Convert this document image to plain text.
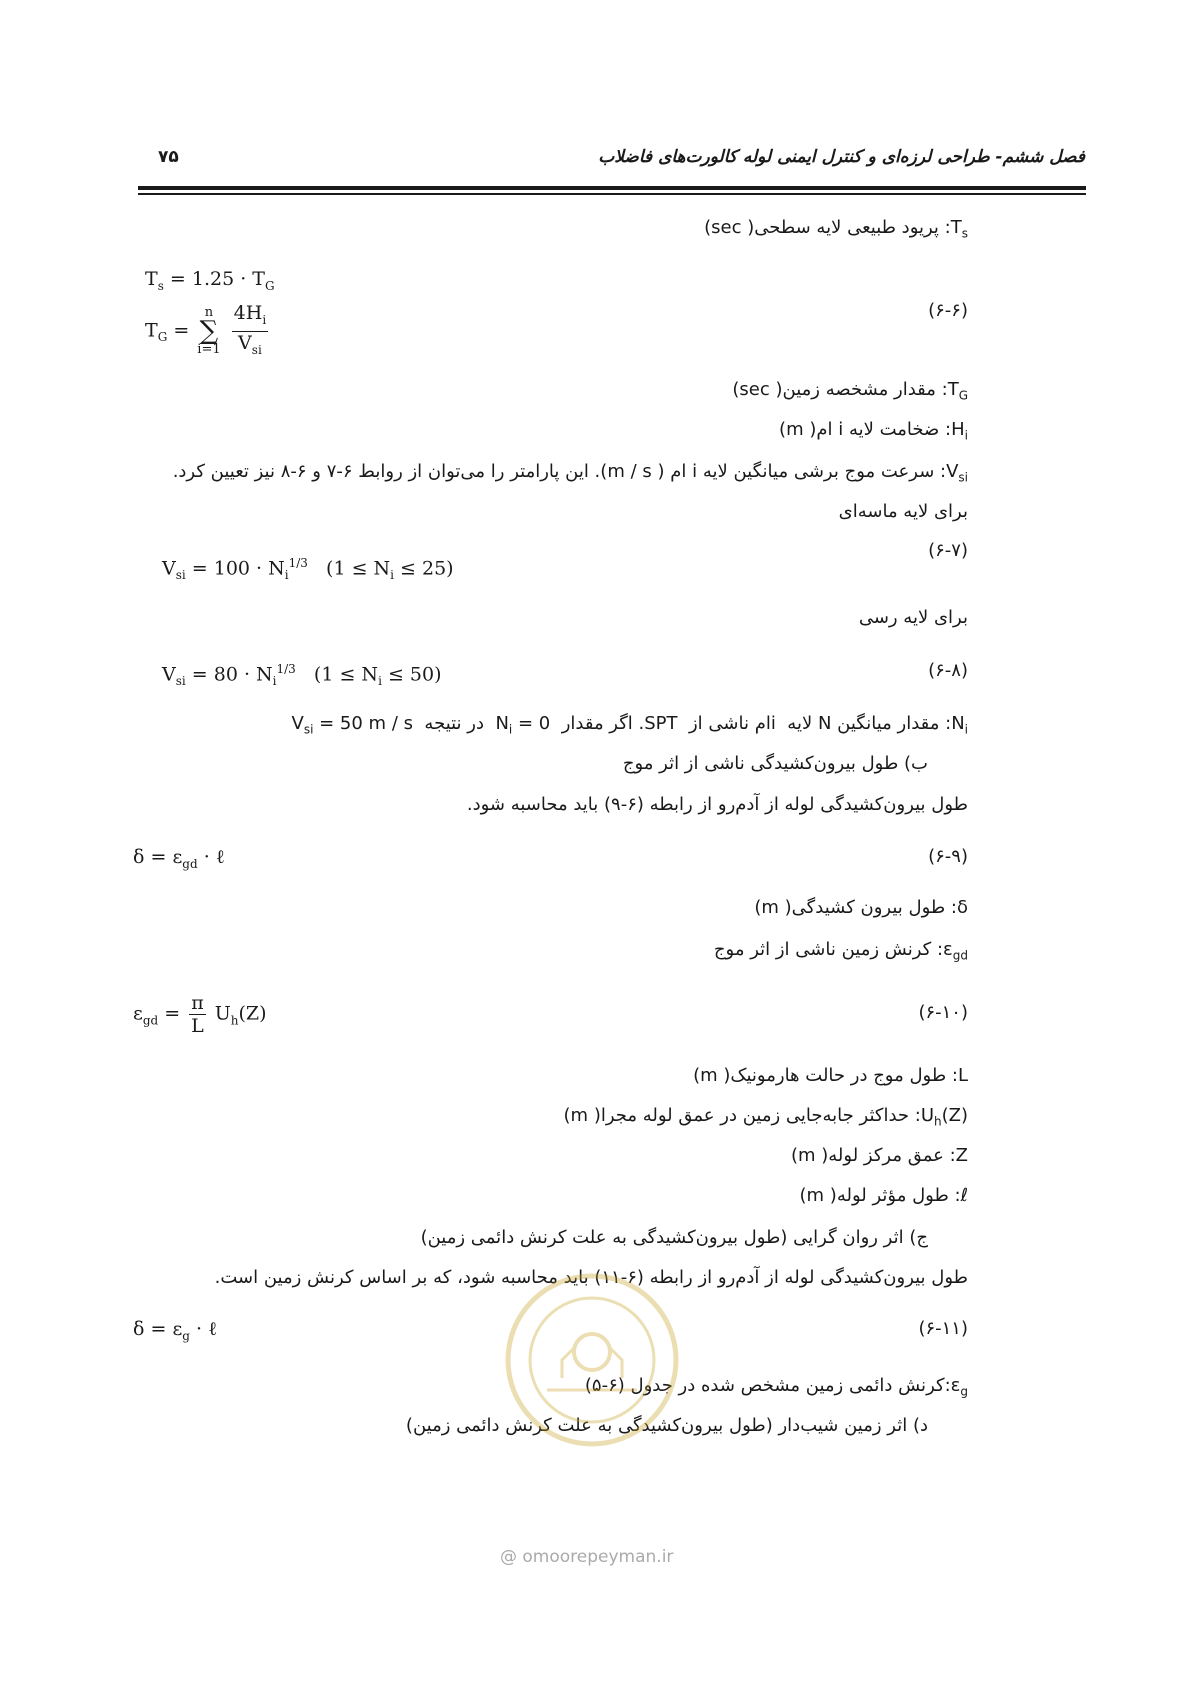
فصل ششم- طراحی لرزه‌ای و کنترل ایمنی لوله کالورت‌های فاضلاب
۷۵
$T_s$: پریود طبیعی لایه سطحی( sec)
$T_s = 1.25 \cdot T_G$
$T_G = n$
∑
$i=1 \frac{4H_i}{V_{si}}$	(۶-۶)
$T_G$: مقدار مشخصه زمین( sec)
$H_i$: ضخامت لایه i ام( m)
$V_{si}$: سرعت موج برشی میانگین لایه i ام ( m / s). این پارامتر را می‌توان از روابط ۶-۷ و ۶-۸ نیز تعیین کرد.
برای لایه ماسه‌ای
(۶-۷)
$V_{si} = 100 \cdot N_i^{1/3}$   $(1 \le N_i \le 25)$
برای لایه رسی
(۶-۸)
$V_{si} = 80 \cdot N_i^{1/3}$   $(1 \le N_i \le 50)$
$N_i$: مقدار میانگین N لایه  iام ناشی از  SPT. اگر مقدار  $N_i = 0$  در نتیجه  $V_{si} = 50$ m / s
ب) طول بیرون‌کشیدگی ناشی از اثر موج
طول بیرون‌کشیدگی لوله از آدم‌رو از رابطه (۶-۹) باید محاسبه شود.
$\delta = \varepsilon_{gd}$ · ℓ	(۶-۹)
δ: طول بیرون کشیدگی( m)
$\varepsilon_{gd}$: کرنش زمین ناشی از اثر موج
$\varepsilon_{gd} = \frac{\pi}{L} U_h(Z)$	(۶-۱۰)
L: طول موج در حالت هارمونیک( m)
$U_h(Z)$: حداکثر جابه‌جایی زمین در عمق لوله مجرا( m)
Z: عمق مرکز لوله( m)
ℓ: طول مؤثر لوله( m)
ج) اثر روان گرایی (طول بیرون‌کشیدگی به علت کرنش دائمی زمین)
طول بیرون‌کشیدگی لوله از آدم‌رو از رابطه (۶-۱۱) باید محاسبه شود، که بر اساس کرنش زمین است.
$\delta = \varepsilon_g$ · ℓ	(۶-۱۱)
$\varepsilon_g:کرنش$ دائمی زمین مشخص شده در جدول (۶-۵)
د) اثر زمین شیب‌دار (طول بیرون‌کشیدگی به علت کرنش دائمی زمین)
@ omoorepeyman.ir
